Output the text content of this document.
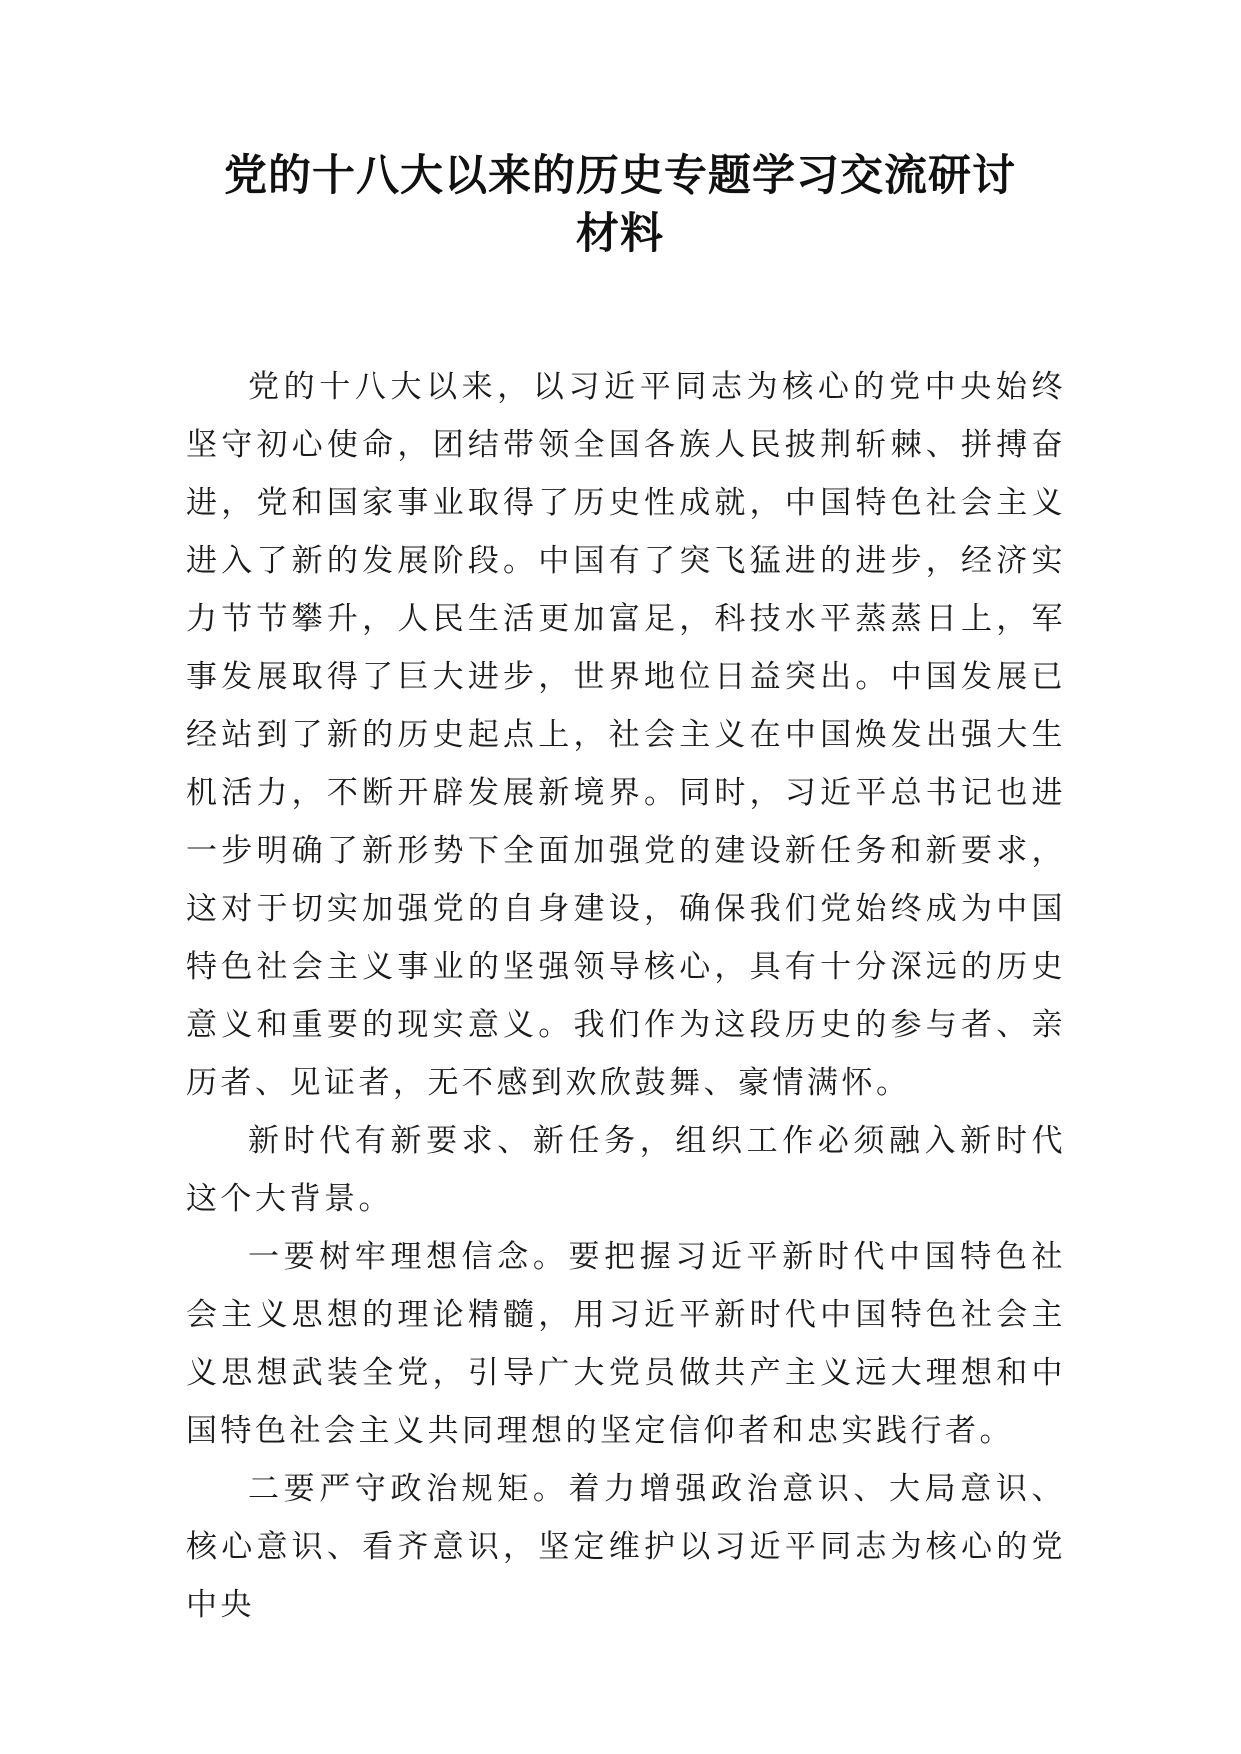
党的十八大以来的历史专题学习交流研讨
材料

党的十八大以来，以习近平同志为核心的党中央始终坚守初心使命，团结带领全国各族人民披荆斩棘、拼搏奋进，党和国家事业取得了历史性成就，中国特色社会主义进入了新的发展阶段。中国有了突飞猛进的进步，经济实力节节攀升，人民生活更加富足，科技水平蒸蒸日上，军事发展取得了巨大进步，世界地位日益突出。中国发展已经站到了新的历史起点上，社会主义在中国焕发出强大生机活力，不断开辟发展新境界。同时，习近平总书记也进一步明确了新形势下全面加强党的建设新任务和新要求，这对于切实加强党的自身建设，确保我们党始终成为中国特色社会主义事业的坚强领导核心，具有十分深远的历史意义和重要的现实意义。我们作为这段历史的参与者、亲历者、见证者，无不感到欢欣鼓舞、豪情满怀。

新时代有新要求、新任务，组织工作必须融入新时代这个大背景。

一要树牢理想信念。要把握习近平新时代中国特色社会主义思想的理论精髓，用习近平新时代中国特色社会主义思想武装全党，引导广大党员做共产主义远大理想和中国特色社会主义共同理想的坚定信仰者和忠实践行者。

二要严守政治规矩。着力增强政治意识、大局意识、核心意识、看齐意识，坚定维护以习近平同志为核心的党中央
